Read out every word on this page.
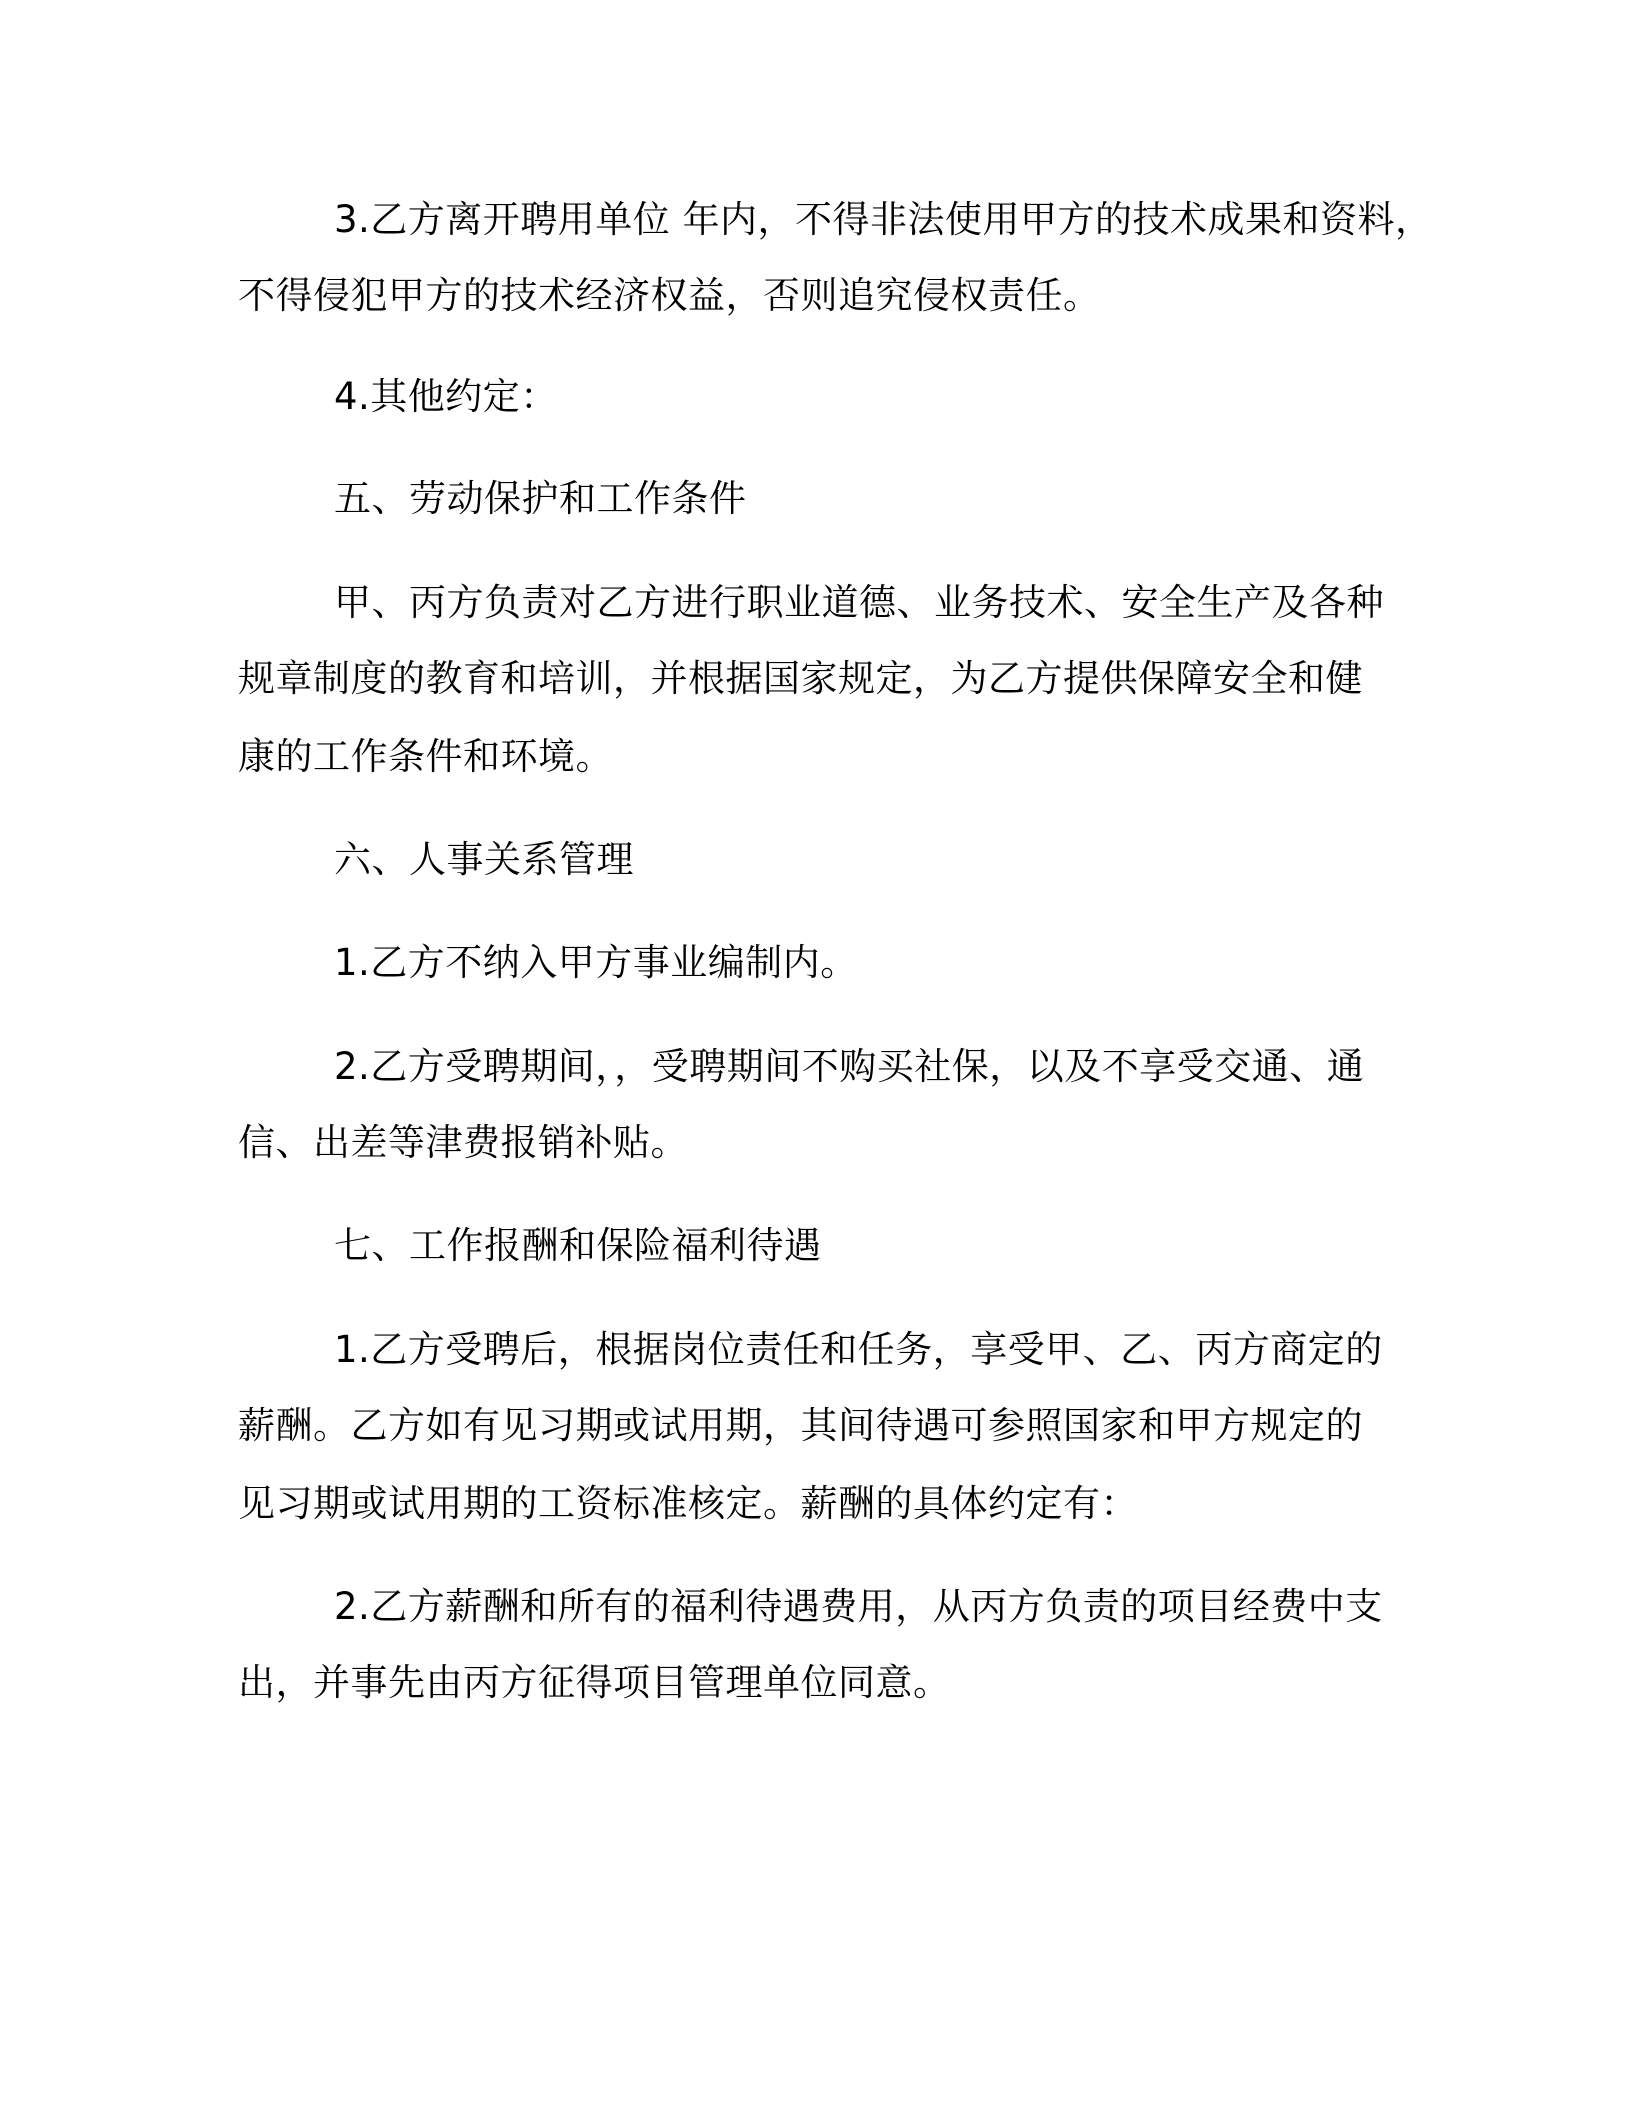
3.乙方离开聘用单位 年内，不得非法使用甲方的技术成果和资料，
不得侵犯甲方的技术经济权益，否则追究侵权责任。
4.其他约定：
五、劳动保护和工作条件
甲、丙方负责对乙方进行职业道德、业务技术、安全生产及各种
规章制度的教育和培训，并根据国家规定，为乙方提供保障安全和健
康的工作条件和环境。
六、人事关系管理
1.乙方不纳入甲方事业编制内。
2.乙方受聘期间，，受聘期间不购买社保，以及不享受交通、通
信、出差等津费报销补贴。
七、工作报酬和保险福利待遇
1.乙方受聘后，根据岗位责任和任务，享受甲、乙、丙方商定的
薪酬。乙方如有见习期或试用期，其间待遇可参照国家和甲方规定的
见习期或试用期的工资标准核定。薪酬的具体约定有：
2.乙方薪酬和所有的福利待遇费用，从丙方负责的项目经费中支
出，并事先由丙方征得项目管理单位同意。
